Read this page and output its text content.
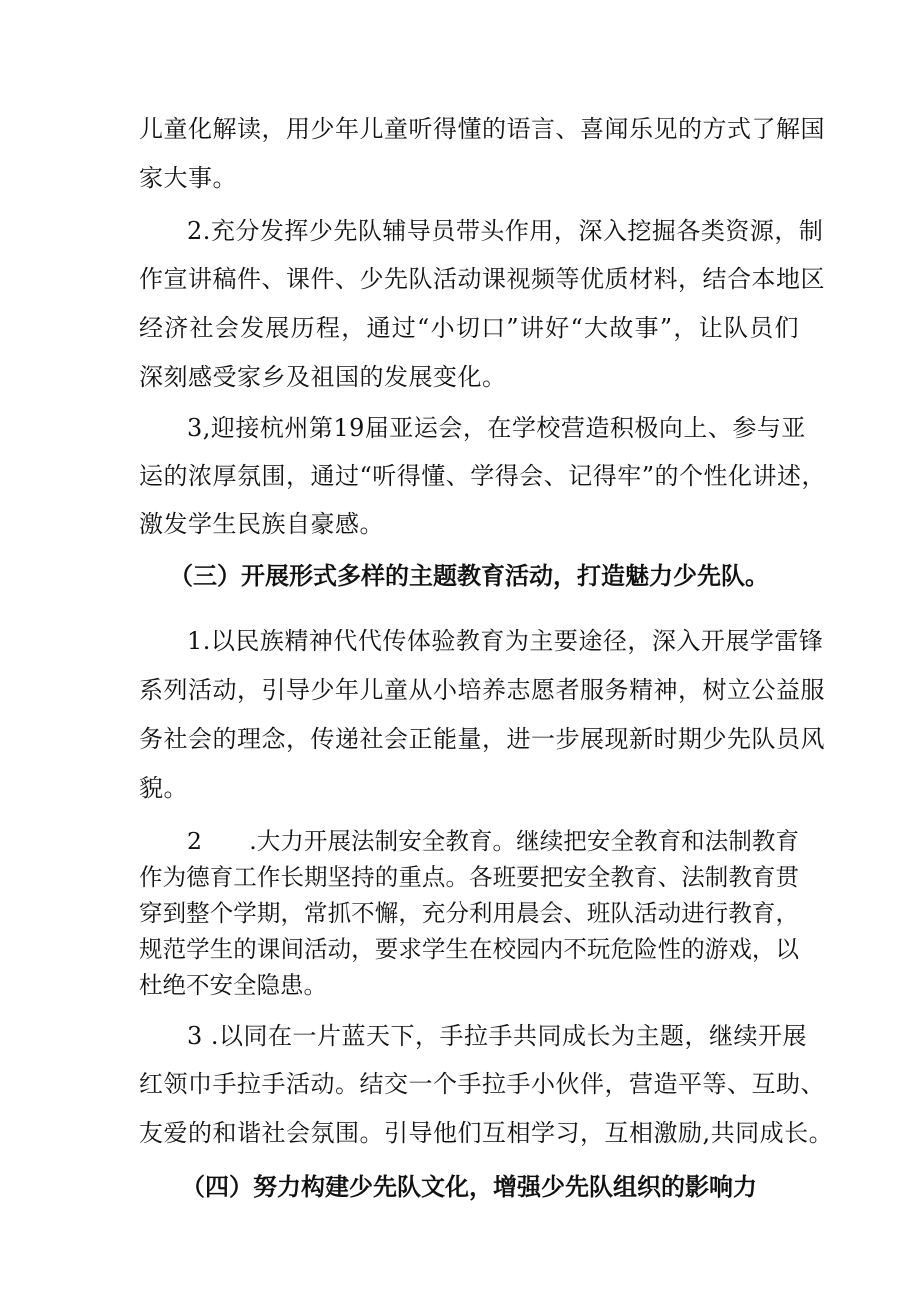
儿童化解读，用少年儿童听得懂的语言、喜闻乐见的方式了解国
家大事。
2.充分发挥少先队辅导员带头作用，深入挖掘各类资源，制
作宣讲稿件、课件、少先队活动课视频等优质材料，结合本地区
经济社会发展历程，通过“小切口”讲好“大故事”，让队员们
深刻感受家乡及祖国的发展变化。
3,迎接杭州第19届亚运会，在学校营造积极向上、参与亚
运的浓厚氛围，通过“听得懂、学得会、记得牢”的个性化讲述，
激发学生民族自豪感。
（三）开展形式多样的主题教育活动，打造魅力少先队。
1.以民族精神代代传体验教育为主要途径，深入开展学雷锋
系列活动，引导少年儿童从小培养志愿者服务精神，树立公益服
务社会的理念，传递社会正能量，进一步展现新时期少先队员风
貌。
2　　.大力开展法制安全教育。继续把安全教育和法制教育
作为德育工作长期坚持的重点。各班要把安全教育、法制教育贯
穿到整个学期，常抓不懈，充分利用晨会、班队活动进行教育，
规范学生的课间活动，要求学生在校园内不玩危险性的游戏，以
杜绝不安全隐患。
3 .以同在一片蓝天下，手拉手共同成长为主题，继续开展
红领巾手拉手活动。结交一个手拉手小伙伴，营造平等、互助、
友爱的和谐社会氛围。引导他们互相学习，互相激励,共同成长。
（四）努力构建少先队文化，增强少先队组织的影响力
